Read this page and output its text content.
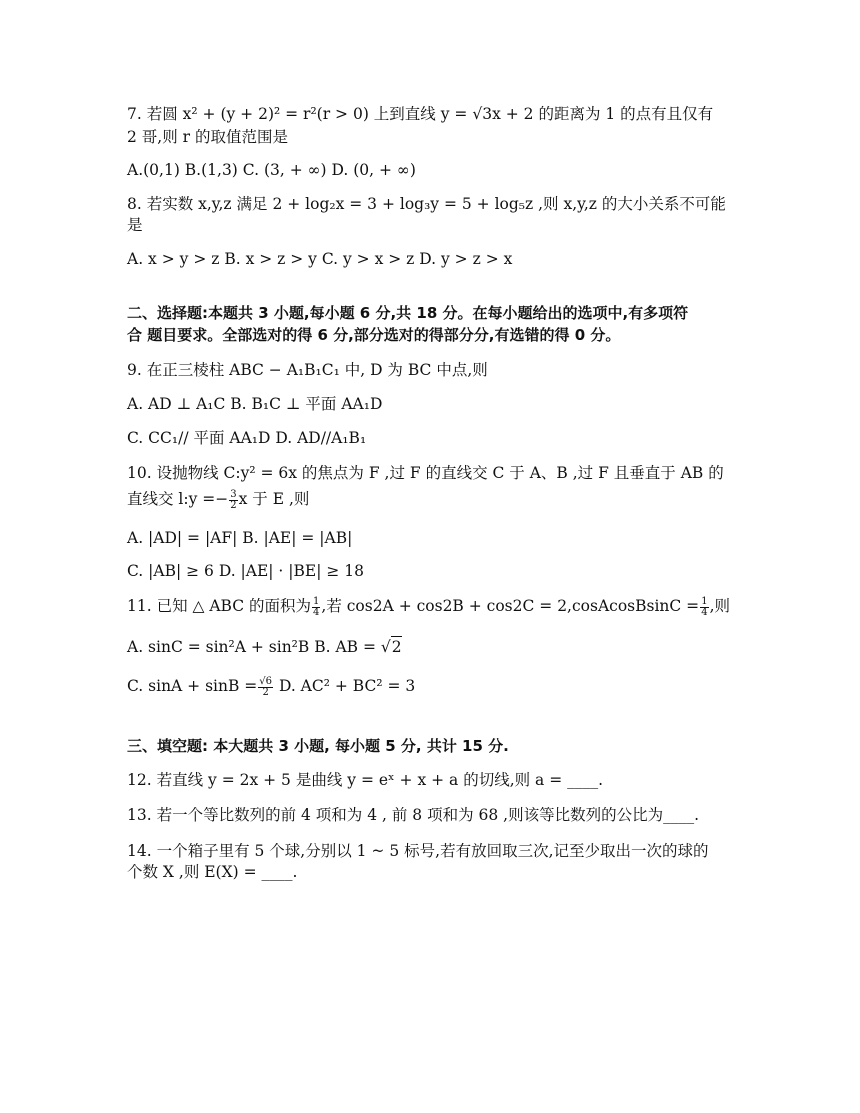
7. 若圆 x² + (y + 2)² = r²(r > 0) 上到直线 y = √3x + 2 的距离为 1 的点有且仅有
2 哥,则 r 的取值范围是
A.(0,1) B.(1,3) C. (3, + ∞) D. (0, + ∞)
8. 若实数 x,y,z 满足 2 + log₂x = 3 + log₃y = 5 + log₅z ,则 x,y,z 的大小关系不可能
是
A. x > y > z B. x > z > y C. y > x > z D. y > z > x
二、选择题:本题共 3 小题,每小题 6 分,共 18 分。在每小题给出的选项中,有多项符
合 题目要求。全部选对的得 6 分,部分选对的得部分分,有选错的得 0 分。
9. 在正三棱柱 ABC − A₁B₁C₁ 中, D 为 BC 中点,则
A. AD ⊥ A₁C B. B₁C ⊥ 平面 AA₁D
C. CC₁// 平面 AA₁D D. AD//A₁B₁
10. 设抛物线 C:y² = 6x 的焦点为 F ,过 F 的直线交 C 于 A、B ,过 F 且垂直于 AB 的
直线交 l:y =− $\frac{3}{2}$ x 于 E ,则
A. |AD| = |AF| B. |AE| = |AB|
C. |AB| ≥ 6 D. |AE| · |BE| ≥ 18
11. 已知 △ ABC 的面积为 $\frac{1}{4}$ ,若 cos2A + cos2B + cos2C = 2,cosAcosBsinC = $\frac{1}{4}$ ,则
A. sinC = sin²A + sin²B B. AB = √2
C. $\sin A + \sin B = \frac{√6}{2} D$. AC² + BC² = 3
三、填空题: 本大题共 3 小题, 每小题 5 分, 共计 15 分.
12. 若直线 y = 2x + 5 是曲线 y = eˣ + x + a 的切线,则 a = ____.
13. 若一个等比数列的前 4 项和为 4 , 前 8 项和为 68 ,则该等比数列的公比为____.
14. 一个箱子里有 5 个球,分别以 1 ~ 5 标号,若有放回取三次,记至少取出一次的球的
个数 X ,则 E(X) = ____.
